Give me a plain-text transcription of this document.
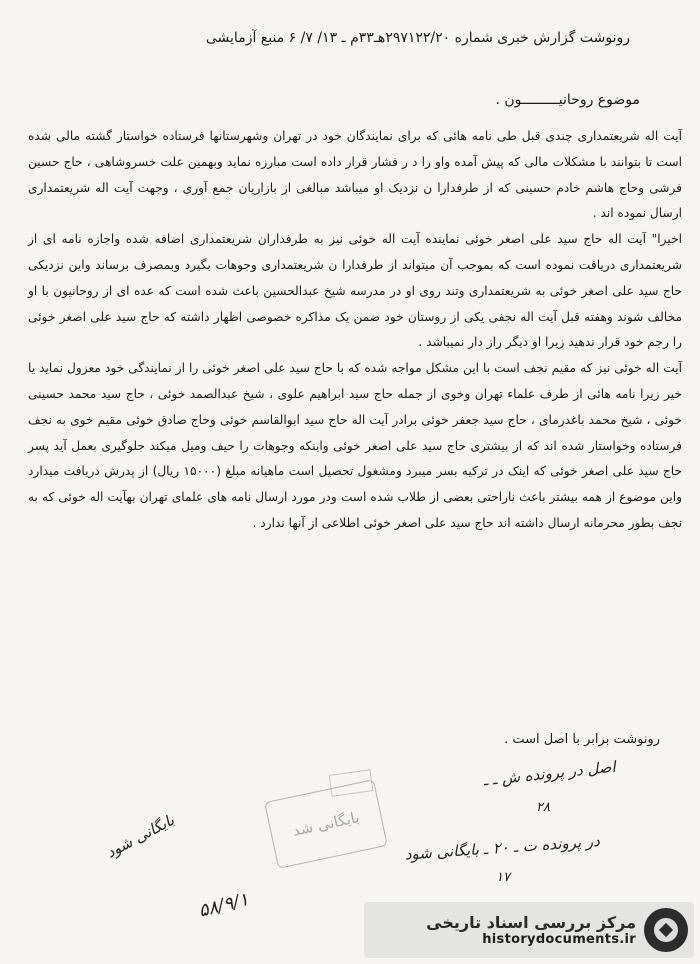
رونوشت گزارش خبری شماره ۲۹۷۱۲۲/۲۰هـ۳۳م ـ ۱۳/ ۷/ ۶ منبع آزمایشی
موضوع روحانیـــــــــون .

آیت اله شریعتمداری چندی قبل طی نامه هائی که برای نمایندگان خود در تهران وشهرستانها فرستاده خواستار گشته مالی شده است تا بتوانند با مشکلات مالی که پیش آمده واو را د ر فشار قرار داده است مبارزه نماید وبهمین علت خسروشاهی ، حاج حسین فرشی وحاج هاشم خادم حسینی که از طرفدارا ن نزدیک او میباشد مبالغی از بازاریان جمع آوری ، وجهت آیت اله شریعتمداری ارسال نموده اند .

اخیرا" آیت اله حاج سید علی اصغر خوئی نماینده آیت اله خوئی نیز به طرفداران شریعتمداری اضافه شده واجازه نامه ای از شریعتمداری دریافت نموده است که بموجب آن میتواند از طرفدارا ن شریعتمداری وجوهات بگیرد وبمصرف برساند واین نزدیکی حاج سید علی اصغر خوئی به شریعتمداری وتند روی او در مدرسه شیخ عبدالحسین باعث شده است که عده ای از روحانیون با او مخالف شوند وهفته قبل آیت اله نجفی یکی از روستان خود ضمن یک مذاکره خصوصی اظهار داشته که حاج سید علی اصغر خوئی را رجم خود قرار ندهید زیرا او دیگر راز دار نمیباشد .

آیت اله خوئی نیز که مقیم نجف است با این مشکل مواجه شده که با حاج سید علی اصغر خوئی را از نمایندگی خود معزول نماید یا خیر زیرا نامه هائی از طرف علماء تهران وخوی از جمله حاج سید ابراهیم علوی ، شیخ عبدالصمد خوئی ، حاج سید محمد حسینی خوئی ، شیخ محمد باغدرمای ، حاج سید جعفر خوئی برادر آیت اله حاج سید ابوالقاسم خوئی وحاج صادق خوئی مقیم خوی به نجف فرستاده وخواستار شده اند که از بیشتری حاج سید علی اصغر خوئی وابنکه وجوهات را حیف ومیل میکند جلوگیری بعمل آید پسر حاج سید علی اصغر خوئی که اینک در ترکیه بسر میبرد ومشغول تحصیل است ماهیانه مبلغ (۱۵۰۰۰ ریال) از پدرش دریافت میدارد واین موضوع از همه بیشتر باعث ناراحتی بعضی از طلاب شده است ودر مورد ارسال نامه های علمای تهران بهآیت اله خوئی که به نجف بطور محرمانه ارسال داشته اند حاج سید علی اصغر خوئی اطلاعی از آنها ندارد .

رونوشت برابر با اصل است .
اصل در پرونده ش ـ ـ
۲۸
در پرونده ت ـ ۲۰ ـ بایگانی شود
۱۷
بایگانی شود
۵۸/۹/۱
بایگانی شد
مرکز بررسی اسناد تاریخی
historydocuments.ir
